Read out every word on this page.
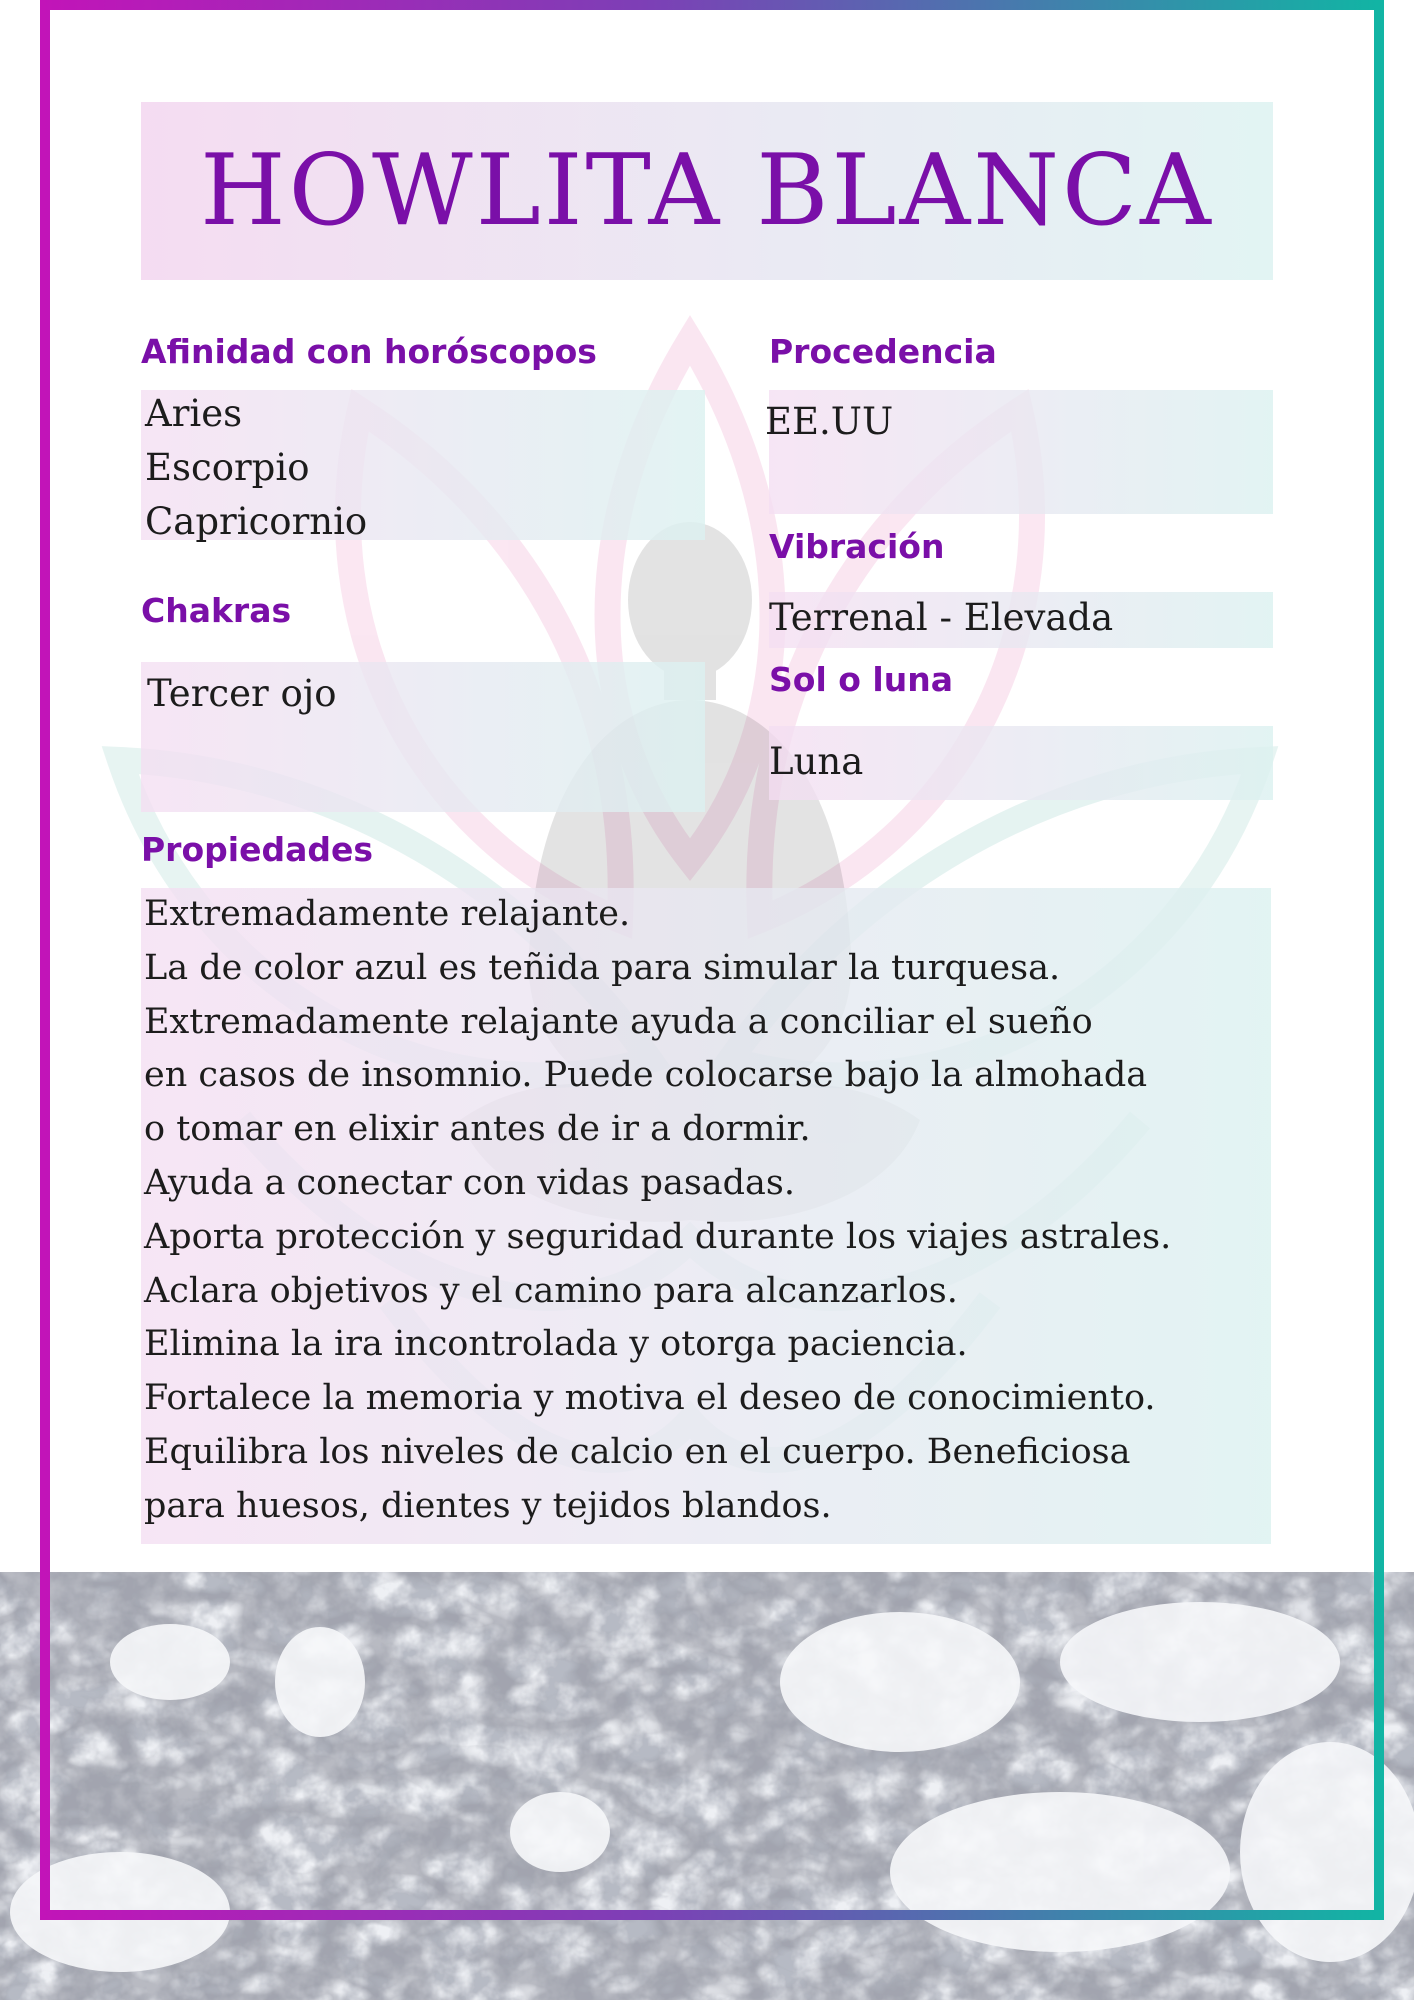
HOWLITA BLANCA
Afinidad con horóscopos
Aries
Escorpio
Capricornio
Procedencia
EE.UU
Vibración
Terrenal - Elevada
Chakras
Tercer ojo	Sol o luna
Luna
Propiedades
Extremadamente relajante.
La de color azul es teñida para simular la turquesa.
Extremadamente relajante ayuda a conciliar el sueño
en casos de insomnio. Puede colocarse bajo la almohada
o tomar en elixir antes de ir a dormir.
Ayuda a conectar con vidas pasadas.
Aporta protección y seguridad durante los viajes astrales.
Aclara objetivos y el camino para alcanzarlos.
Elimina la ira incontrolada y otorga paciencia.
Fortalece la memoria y motiva el deseo de conocimiento.
Equilibra los niveles de calcio en el cuerpo. Beneficiosa
para huesos, dientes y tejidos blandos.
